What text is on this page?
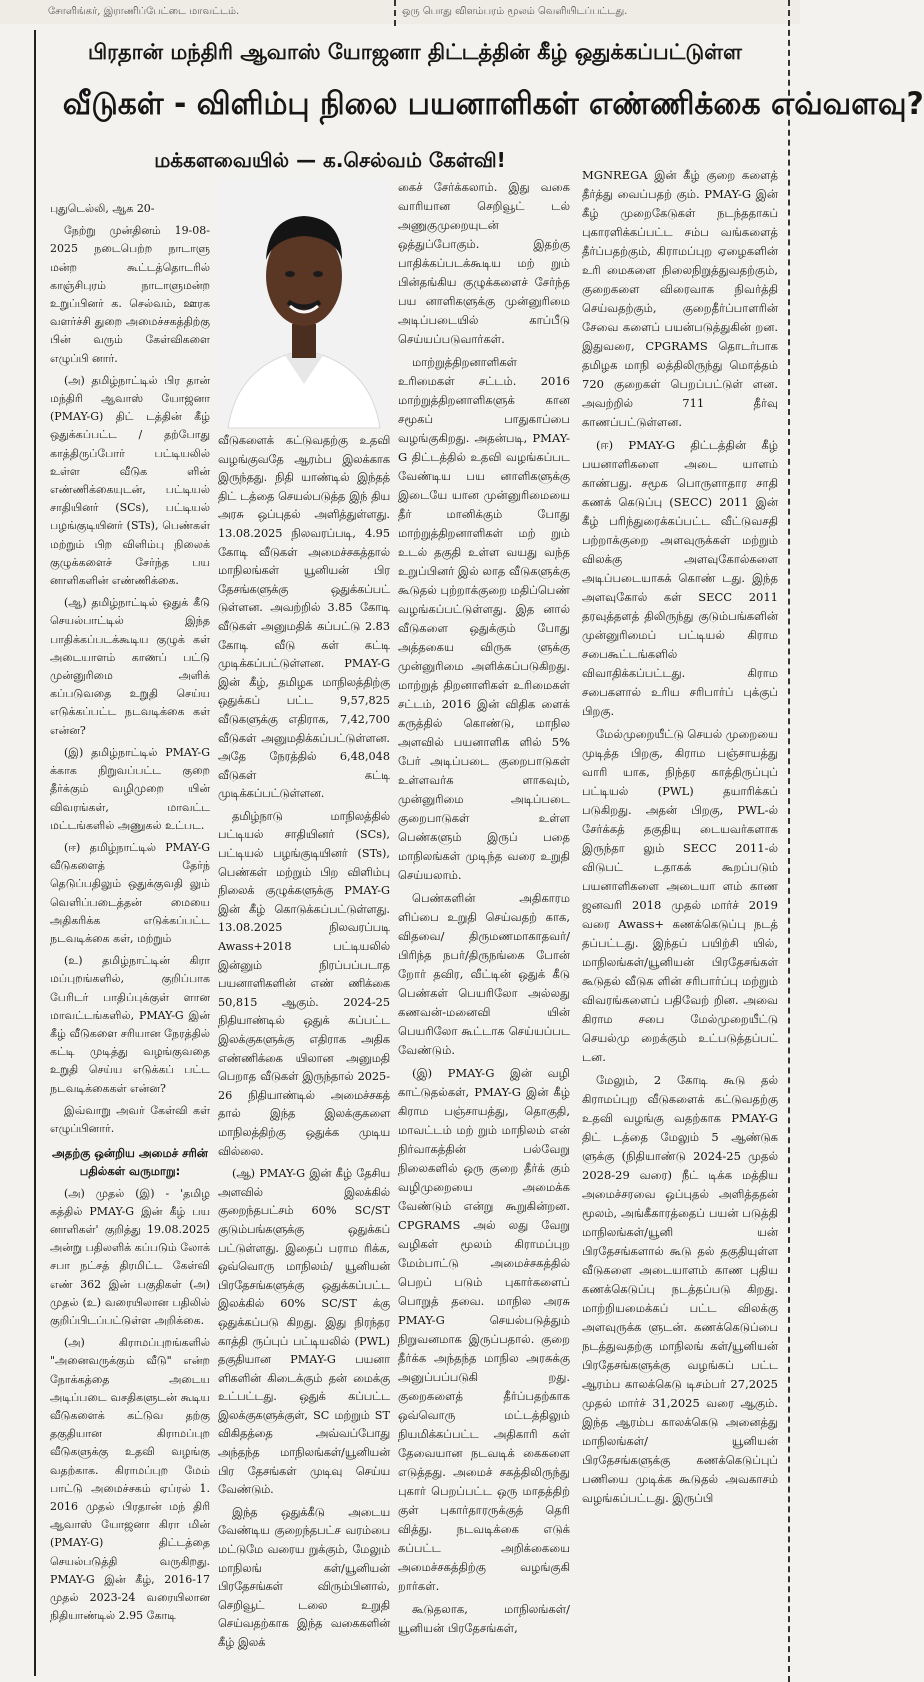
சோளிங்கர், இராணிப்பேட்டை மாவட்டம்.	ஒரு பொது விளம்பரம் மூலம் வெளியிடப்பட்டது.
பிரதான் மந்திரி ஆவாஸ் யோஜனா திட்டத்தின் கீழ் ஒதுக்கப்பட்டுள்ள
வீடுகள் - விளிம்பு நிலை பயனாளிகள் எண்ணிக்கை எவ்வளவு?
மக்களவையில் — க.செல்வம் கேள்வி!

புதுடெல்லி, ஆக 20-

நேற்று முன்தினம் 19-08-2025 நடைபெற்ற நாடாளு மன்ற கூட்டத்தொடரில் காஞ்சிபுரம் நாடாளுமன்ற உறுப்பினர் க. செல்வம், ஊரக வளர்ச்சி துறை அமைச்சகத்திற்கு பின் வரும் கேள்விகளை எழுப்பி னார்.

(அ) தமிழ்நாட்டில் பிர தான் மந்திரி ஆவாஸ் யோஜனா (PMAY-G) திட் டத்தின் கீழ் ஒதுக்கப்பட்ட / தற்போது காத்திருப்போர் பட்டியலில் உள்ள வீடுக ளின் எண்ணிக்கையுடன், பட்டியல் சாதியினர் (SCs), பட்டியல் பழங்குடியினர் (STs), பெண்கள் மற்றும் பிற விளிம்பு நிலைக் குழுக்களைச் சேர்ந்த பய னாளிகளின் எண்ணிக்கை.

(ஆ) தமிழ்நாட்டில் ஒதுக் கீடு செயல்பாட்டில் இந்த பாதிக்கப்படக்கூடிய குழுக் கள் அடையாளம் காணப் பட்டு முன்னுரிமை அளிக் கப்படுவதை உறுதி செய்ய எடுக்கப்பட்ட நடவடிக்கை கள் என்ன?

(இ) தமிழ்நாட்டில் PMAY-G க்காக நிறுவப்பட்ட குறை தீர்க்கும் வழிமுறை யின் விவரங்கள், மாவட்ட மட்டங்களில் அணுகல் உட்பட.

(ஈ) தமிழ்நாட்டில் PMAY-G வீடுகளைத் தேர்ந் தெடுப்பதிலும் ஒதுக்குவதி லும் வெளிப்படைத்தன் மையை அதிகரிக்க எடுக்கப்பட்ட நடவடிக்கை கள், மற்றும்

(உ) தமிழ்நாட்டின் கிரா மப்புறங்களில், குறிப்பாக பேரிடர் பாதிப்புக்குள் ளான மாவட்டங்களில், PMAY-G இன் கீழ் வீடுகளை சரியான நேரத்தில் கட்டி முடித்து வழங்குவதை உறுதி செய்ய எடுக்கப் பட்ட நடவடிக்கைகள் என்ன?

இவ்வாறு அவர் கேள்வி கள் எழுப்பினார்.

அதற்கு ஒன்றிய அமைச் சரின் பதில்கள் வருமாறு:

(அ) முதல் (இ) - 'தமிழ கத்தில் PMAY-G இன் கீழ் பய னாளிகள்' குறித்து 19.08.2025 அன்று பதிலளிக் கப்படும் லோக் சபா நட்சத் திரமிட்ட கேள்வி எண் 362 இன் பகுதிகள் (அ) முதல் (உ) வரையிலான பதிலில் குறிப்பிடப்பட்டுள்ள அறிக்கை.

(அ) கிராமப்புறங்களில் "அனைவருக்கும் வீடு" என்ற நோக்கத்தை அடைய அடிப்படை வசதிகளுடன் கூடிய வீடுகளைக் கட்டுவ தற்கு தகுதியான கிராமப்புற வீடுகளுக்கு உதவி வழங்கு வதற்காக. கிராமப்புற மேம் பாட்டு அமைச்சகம் ஏப்ரல் 1. 2016 முதல் பிரதான் மந் திரி ஆவாஸ் யோஜனா கிரா மின் (PMAY-G) திட்டத்தை செயல்படுத்தி வருகிறது. PMAY-G இன் கீழ், 2016-17 முதல் 2023-24 வரையிலான நிதியாண்டில் 2.95 கோடி

வீடுகளைக் கட்டுவதற்கு உதவி வழங்குவதே ஆரம்ப இலக்காக இருந்தது. நிதி யாண்டில் இந்தத் திட் டத்தை செயல்படுத்த இந் திய அரசு ஒப்புதல் அளித்துள்ளது. 13.08.2025 நிலவரப்படி, 4.95 கோடி வீடுகள் அமைச்சகத்தால் மாநிலங்கள் யூனியன் பிர தேசங்களுக்கு ஒதுக்கப்பட் டுள்ளன. அவற்றில் 3.85 கோடி வீடுகள் அனுமதிக் கப்பட்டு 2.83 கோடி வீடு கள் கட்டி முடிக்கப்பட்டுள்ளன. PMAY-G இன் கீழ், தமிழக மாநிலத்திற்கு ஒதுக்கப் பட்ட 9,57,825 வீடுகளுக்கு எதிராக, 7,42,700 வீடுகள் அனுமதிக்கப்பட்டுள்ளன. அதே நேரத்தில் 6,48,048 வீடுகள் கட்டி முடிக்கப்பட்டுள்ளன.

தமிழ்நாடு மாநிலத்தில் பட்டியல் சாதியினர் (SCs), பட்டியல் பழங்குடியினர் (STs), பெண்கள் மற்றும் பிற விளிம்பு நிலைக் குழுக்களுக்கு PMAY-G இன் கீழ் கொடுக்கப்பட்டுள்ளது. 13.08.2025 நிலவரப்படி Awass+2018 பட்டியலில் இன்னும் நிரப்பப்படாத பயனாளிகளின் எண் ணிக்கை 50,815 ஆகும். 2024-25 நிதியாண்டில் ஒதுக் கப்பட்ட இலக்குகளுக்கு எதிராக அதிக எண்ணிக்கை யிலான அனுமதி பெறாத வீடுகள் இருந்தால் 2025-26 நிதியாண்டில் அமைச்சகத் தால் இந்த இலக்குகளை மாநிலத்திற்கு ஒதுக்க முடிய வில்லை.

(ஆ) PMAY-G இன் கீழ் தேசிய அளவில் இலக்கில் குறைந்தபட்சம் 60% SC/ST குடும்பங்களுக்கு ஒதுக்கப் பட்டுள்ளது. இதைப் பராம ரிக்க, ஒவ்வொரு மாநிலம்/ யூனியன் பிரதேசங்களுக்கு ஒதுக்கப்பட்ட இலக்கில் 60% SC/ST க்கு ஒதுக்கப்படு கிறது. இது நிரந்தர காத்தி ருப்புப் பட்டியலில் (PWL) தகுதியான PMAY-G பயனா ளிகளின் கிடைக்கும் தன் மைக்கு உட்பட்டது. ஒதுக் கப்பட்ட இலக்குகளுக்குள், SC மற்றும் ST விகிதத்தை அவ்வப்போது அந்தந்த மாநிலங்கள்/யூனியன் பிர தேசங்கள் முடிவு செய்ய வேண்டும்.

இந்த ஒதுக்கீடு அடைய வேண்டிய குறைந்தபட்ச வரம்பை மட்டுமே வரைய றுக்கும், மேலும் மாநிலங் கள்/யூனியன் பிரதேசங்கள் விரும்பினால், செறிவூட் டலை உறுதி செய்வதற்காக இந்த வகைகளின் கீழ் இலக்

கைச் சேர்க்கலாம். இது வகை வாரியான செறிவூட் டல் அணுகுமுறையுடன் ஒத்துப்போகும். இதற்கு பாதிக்கப்படக்கூடிய மற் றும் பின்தங்கிய குழுக்களைச் சேர்ந்த பய னாளிகளுக்கு முன்னுரிமை அடிப்படையில் காப்பீடு செய்யப்படுவார்கள்.

மாற்றுத்திறனாளிகள் உரிமைகள் சட்டம். 2016 மாற்றுத்திறனாளிகளுக் கான சமூகப் பாதுகாப்பை வழங்குகிறது. அதன்படி, PMAY-G திட்டத்தில் உதவி வழங்கப்பட வேண்டிய பய னாளிகளுக்கு இடையே யான முன்னுரிமையை தீர் மானிக்கும் போது மாற்றுத்திறனாளிகள் மற் றும் உடல் தகுதி உள்ள வயது வந்த உறுப்பினர் இல் லாத வீடுகளுக்கு கூடுதல் புற்றாக்குறை மதிப்பெண் வழங்கப்பட்டுள்ளது. இத னால் வீடுகளை ஒதுக்கும் போது அத்தகைய விருசு ளுக்கு முன்னுரிமை அளிக்கப்படுகிறது. மாற்றுத் திறனாளிகள் உரிமைகள் சட்டம், 2016 இன் விதிக ளைக் கருத்தில் கொண்டு, மாநில அளவில் பயனாளிக ளில் 5% பேர் அடிப்படை குறைபாடுகள் உள்ளவர்க ளாகவும், முன்னுரிமை அடிப்படை குறைபாடுகள் உள்ள பெண்களும் இருப் பதை மாநிலங்கள் முடிந்த வரை உறுதி செய்யலாம்.

பெண்களின் அதிகாரம ளிப்பை உறுதி செய்வதற் காக, விதவை/ திருமணமாகாதவர்/பிரிந்த நபர்/திருநங்கை போன் றோர் தவிர, வீட்டின் ஒதுக் கீடு பெண்கள் பெயரிலோ அல்லது கணவன்-மனைவி யின் பெயரிலோ கூட்டாக செய்யப்பட வேண்டும்.

(இ) PMAY-G இன் வழி காட்டுதல்கள், PMAY-G இன் கீழ் கிராம பஞ்சாயத்து, தொகுதி, மாவட்டம் மற் றும் மாநிலம் என் நிர்வாகத்தின் பல்வேறு நிலைகளில் ஒரு குறை தீர்க் கும் வழிமுறையை அமைக்க வேண்டும் என்று கூறுகின்றன. CPGRAMS அல் லது வேறு வழிகள் மூலம் கிராமப்புற மேம்பாட்டு அமைச்சகத்தில் பெறப் படும் புகார்களைப் பொறுத் தவை. மாநில அரசு PMAY-G செயல்படுத்தும் நிறுவனமாக இருப்பதால். குறை தீர்க்க அந்தந்த மாநில அரசுக்கு அனுப்பப்படுகி றது. குறைகளைத் தீர்ப்பதற்காக ஒவ்வொரு மட்டத்திலும் நியமிக்கப்பட்ட அதிகாரி கள் தேவையான நடவடிக் கைகளை எடுத்தது. அமைச் சகத்திலிருந்து புகார் பெறப்பட்ட ஒரு மாதத்திற் குள் புகார்தாரருக்குத் தெரி வித்து. நடவடிக்கை எடுக் கப்பட்ட அறிக்கையை அமைச்சகத்திற்கு வழங்குகி றார்கள்.

கூடுதலாக, மாநிலங்கள்/ யூனியன் பிரதேசங்கள்,

MGNREGA இன் கீழ் குறை களைத் தீர்த்து வைப்பதற் கும். PMAY-G இன் கீழ் முறைகேடுகள் நடந்ததாகப் புகாரளிக்கப்பட்ட சம்ப வங்களைத் தீர்ப்பதற்கும், கிராமப்புற ஏழைகளின் உரி மைகளை நிலைநிறுத்துவதற்கும், குறைகளை விரைவாக நிவர்த்தி செய்வதற்கும், குறைதீர்ப்பாளரின் சேவை களைப் பயன்படுத்துகின் றன. இதுவரை, CPGRAMS தொடர்பாக தமிழக மாநி லத்திலிருந்து மொத்தம் 720 குறைகள் பெறப்பட்டுள் ளன. அவற்றில் 711 தீர்வு காணப்பட்டுள்ளன.

(ஈ) PMAY-G திட்டத்தின் கீழ் பயனாளிகளை அடை யாளம் காண்பது. சமூக பொருளாதார சாதி கணக் கெடுப்பு (SECC) 2011 இன் கீழ் பரிந்துரைக்கப்பட்ட வீட்டுவசதி பற்றாக்குறை அளவுருக்கள் மற்றும் விலக்கு அளவுகோல்களை அடிப்படையாகக் கொண் டது. இந்த அளவுகோல் கள் SECC 2011 தரவுத்தளத் திலிருந்து குடும்பங்களின் முன்னுரிமைப் பட்டியல் கிராம சபைகூட்டங்களில் விவாதிக்கப்பட்டது. கிராம சபைகளால் உரிய சரிபார்ப் புக்குப் பிறகு.

மேல்முறையீட்டு செயல் முறையை முடித்த பிறகு, கிராம பஞ்சாயத்து வாரி யாக, நிந்தர காத்திருப்புப் பட்டியல் (PWL) தயாரிக்கப் படுகிறது. அதன் பிறகு, PWL-ல் சேர்க்கத் தகுதியு டையவர்களாக இருந்தா லும் SECC 2011-ல் விடுபட் டதாகக் கூறப்படும் பயனாளிகளை அடையா ளம் காண ஜனவரி 2018 முதல் மார்ச் 2019 வரை Awass+ கணக்கெடுப்பு நடத் தப்பட்டது. இந்தப் பயிற்சி யில், மாநிலங்கள்/யூனியன் பிரதேசங்கள் கூடுதல் வீடுக ளின் சரிபார்ப்பு மற்றும் விவரங்களைப் பதிவேற் றின. அவை கிராம சபை மேல்முறையீட்டு செயல்மு றைக்கும் உட்படுத்தப்பட் டன.

மேலும், 2 கோடி கூடு தல் கிராமப்புற வீடுகளைக் கட்டுவதற்கு உதவி வழங்கு வதற்காக PMAY-G திட் டத்தை மேலும் 5 ஆண்டுக ளுக்கு (நிதியாண்டு 2024-25 முதல் 2028-29 வரை) நீட் டிக்க மத்திய அமைச்சரவை ஒப்புதல் அளித்ததன் மூலம், அங்கீகாரத்தைப் பயன் படுத்தி மாநிலங்கள்/யூனி யன் பிரதேசங்களால் கூடு தல் தகுதியுள்ள வீடுகளை அடையாளம் காண புதிய கணக்கெடுப்பு நடத்தப்படு கிறது. மாற்றியமைக்கப் பட்ட விலக்கு அளவுருக்க ளுடன். கணக்கெடுப்பை நடத்துவதற்கு மாநிலங் கள்/யூனியன் பிரதேசங்களுக்கு வழங்கப் பட்ட ஆரம்ப காலக்கெடு டிசம்பர் 27,2025 முதல் மார்ச் 31,2025 வரை ஆகும். இந்த ஆரம்ப காலக்கெடு அனைத்து மாநிலங்கள்/ யூனியன் பிரதேசங்களுக்கு கணக்கெடுப்புப் பணியை முடிக்க கூடுதல் அவகாசம் வழங்கப்பட்டது. இருப்பி
